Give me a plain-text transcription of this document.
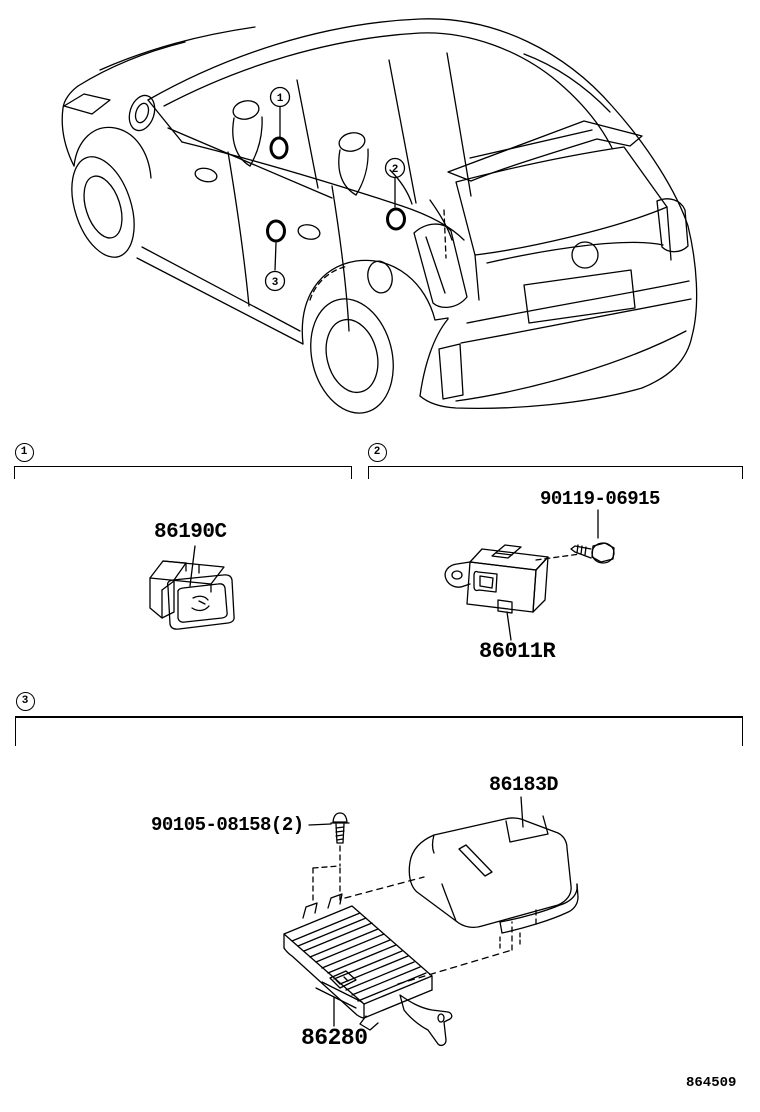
1
2
3
1	2
3
86190C
90119-06915
86011R
86183D
90105-08158(2)
86280
864509
